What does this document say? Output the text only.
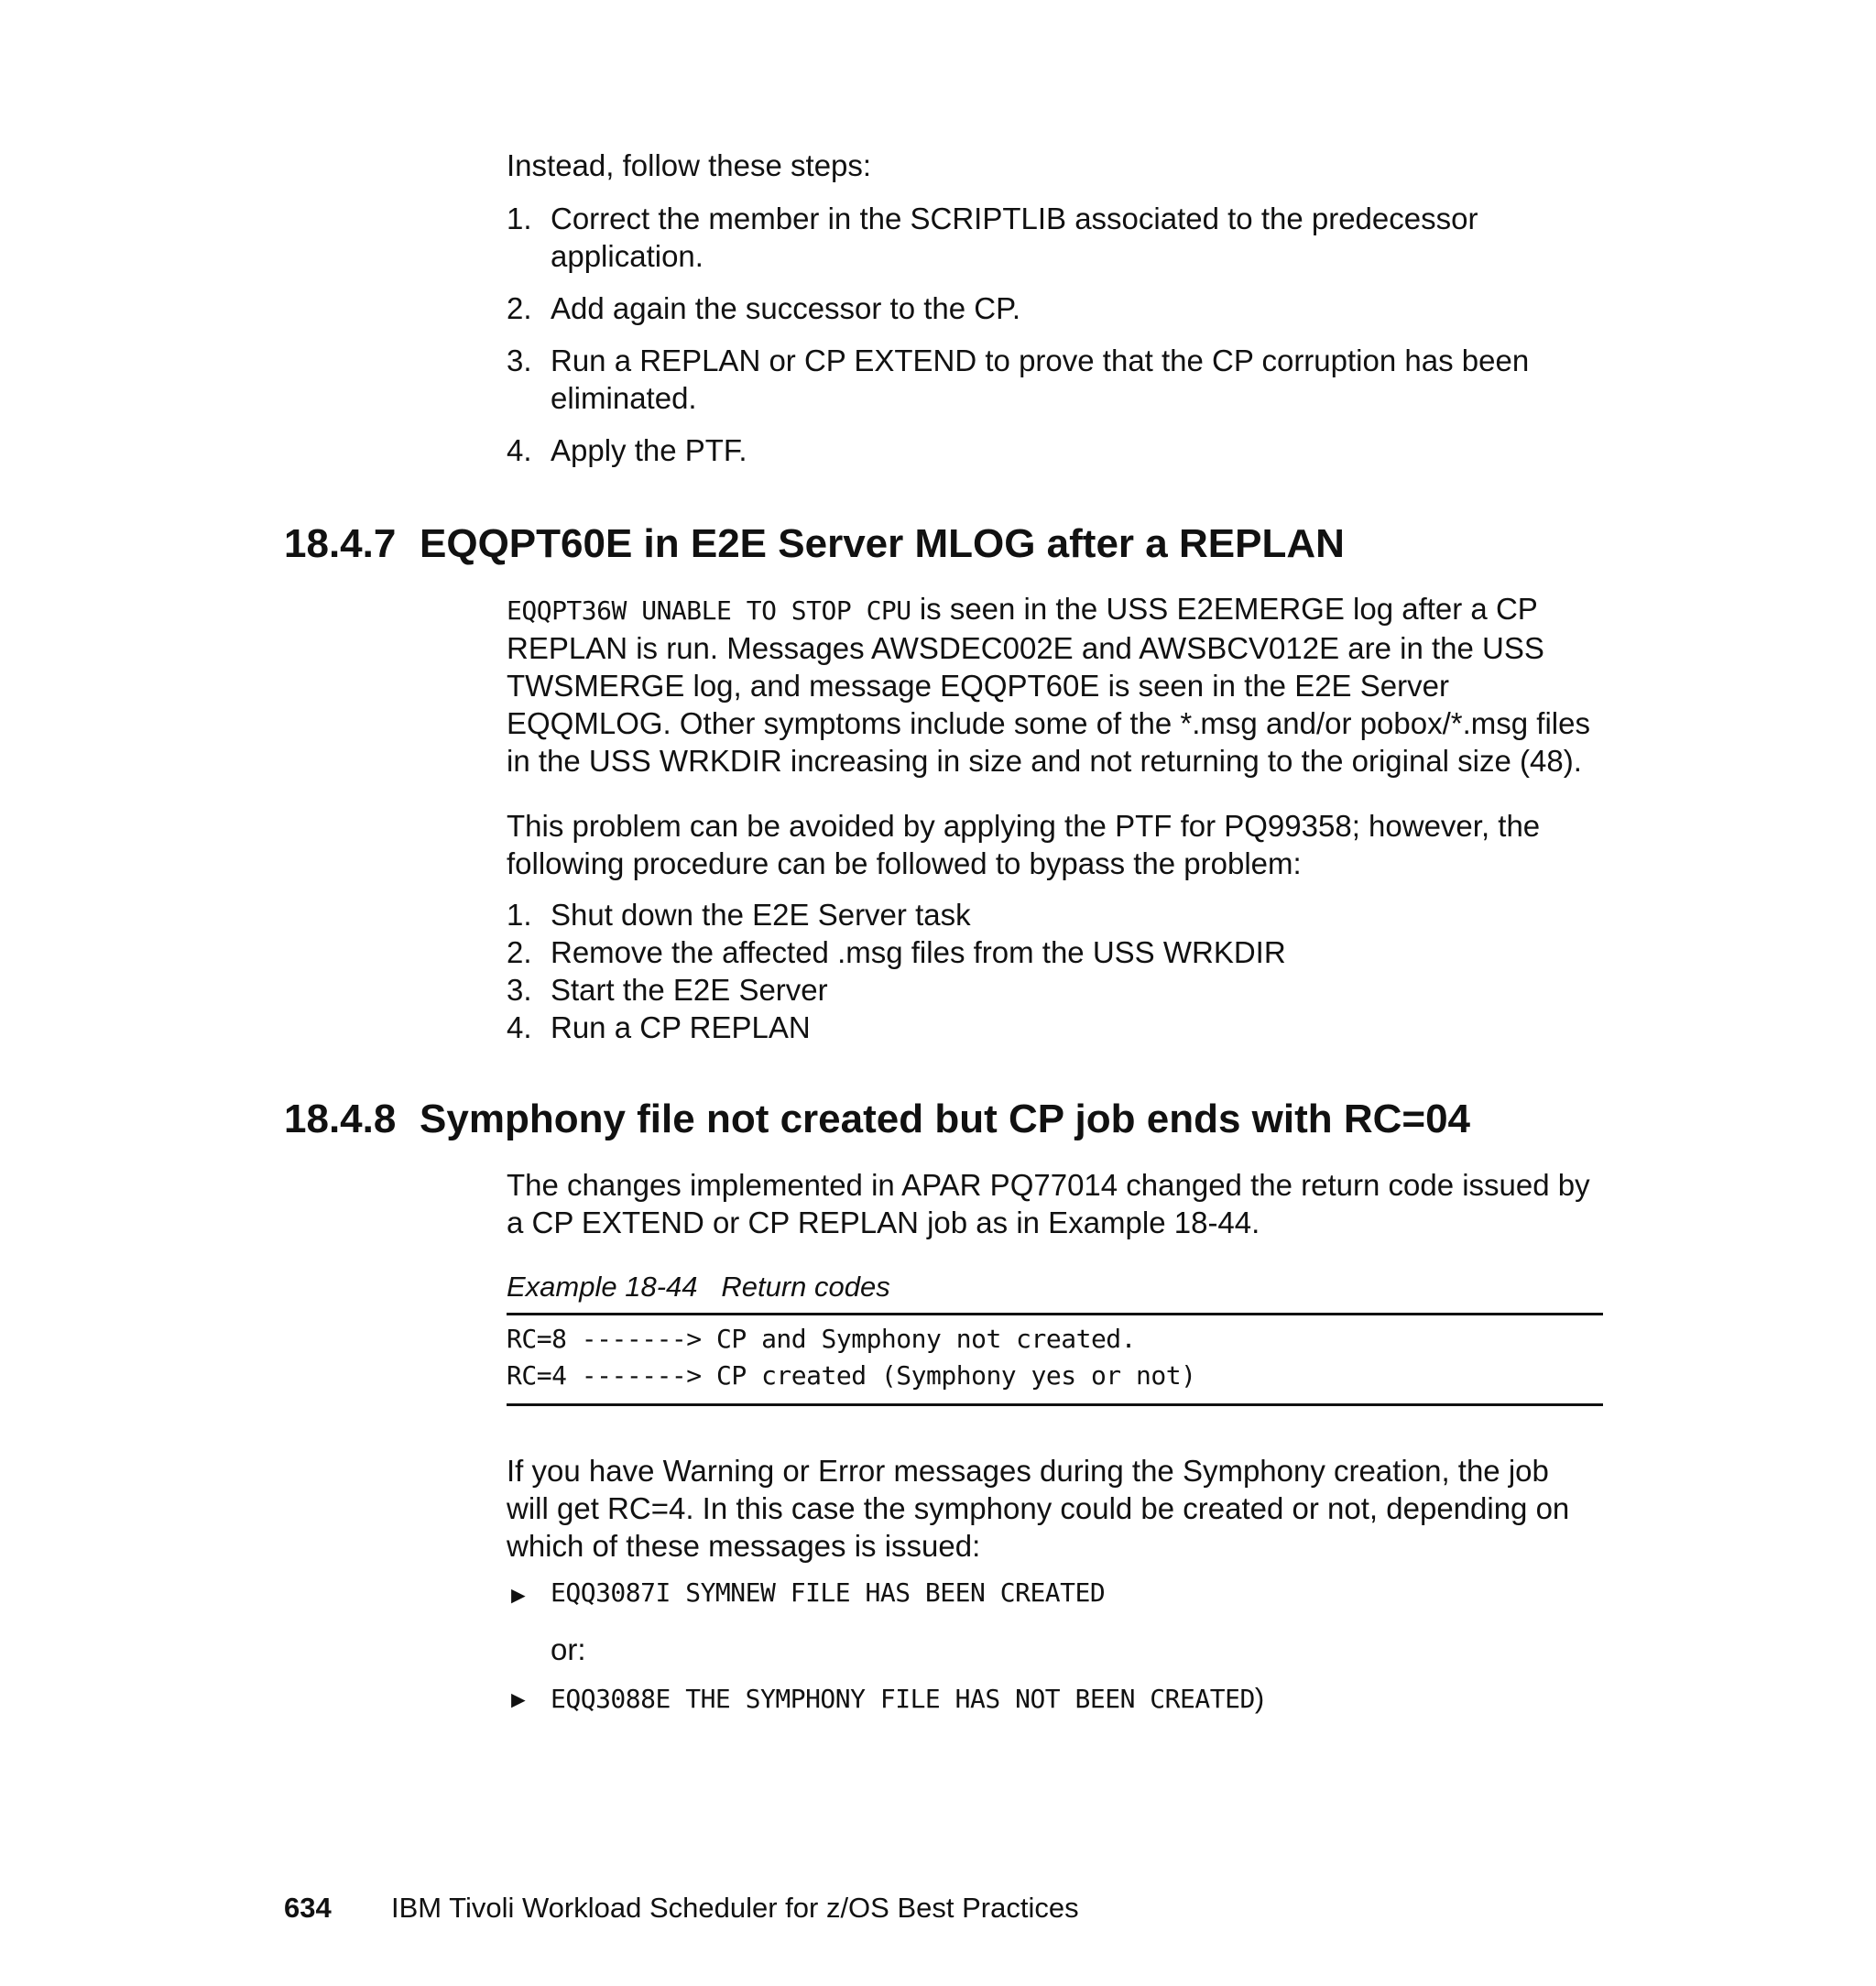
Instead, follow these steps:

1. Correct the member in the SCRIPTLIB associated to the predecessor
application.
2. Add again the successor to the CP.
3. Run a REPLAN or CP EXTEND to prove that the CP corruption has been
eliminated.
4. Apply the PTF.
18.4.7 EQQPT60E in E2E Server MLOG after a REPLAN

EQQPT36W UNABLE TO STOP CPU is seen in the USS E2EMERGE log after a CP
REPLAN is run. Messages AWSDEC002E and AWSBCV012E are in the USS
TWSMERGE log, and message EQQPT60E is seen in the E2E Server
EQQMLOG. Other symptoms include some of the *.msg and/or pobox/*.msg files
in the USS WRKDIR increasing in size and not returning to the original size (48).

This problem can be avoided by applying the PTF for PQ99358; however, the
following procedure can be followed to bypass the problem:

1. Shut down the E2E Server task
2. Remove the affected .msg files from the USS WRKDIR
3. Start the E2E Server
4. Run a CP REPLAN
18.4.8 Symphony file not created but CP job ends with RC=04

The changes implemented in APAR PQ77014 changed the return code issued by
a CP EXTEND or CP REPLAN job as in Example 18-44.

Example 18-44   Return codes
RC=8 -------> CP and Symphony not created.
RC=4 -------> CP created (Symphony yes or not)

If you have Warning or Error messages during the Symphony creation, the job
will get RC=4. In this case the symphony could be created or not, depending on
which of these messages is issued:

► EQQ3087I SYMNEW FILE HAS BEEN CREATED

or:

► EQQ3088E THE SYMPHONY FILE HAS NOT BEEN CREATED)
634 IBM Tivoli Workload Scheduler for z/OS Best Practices
